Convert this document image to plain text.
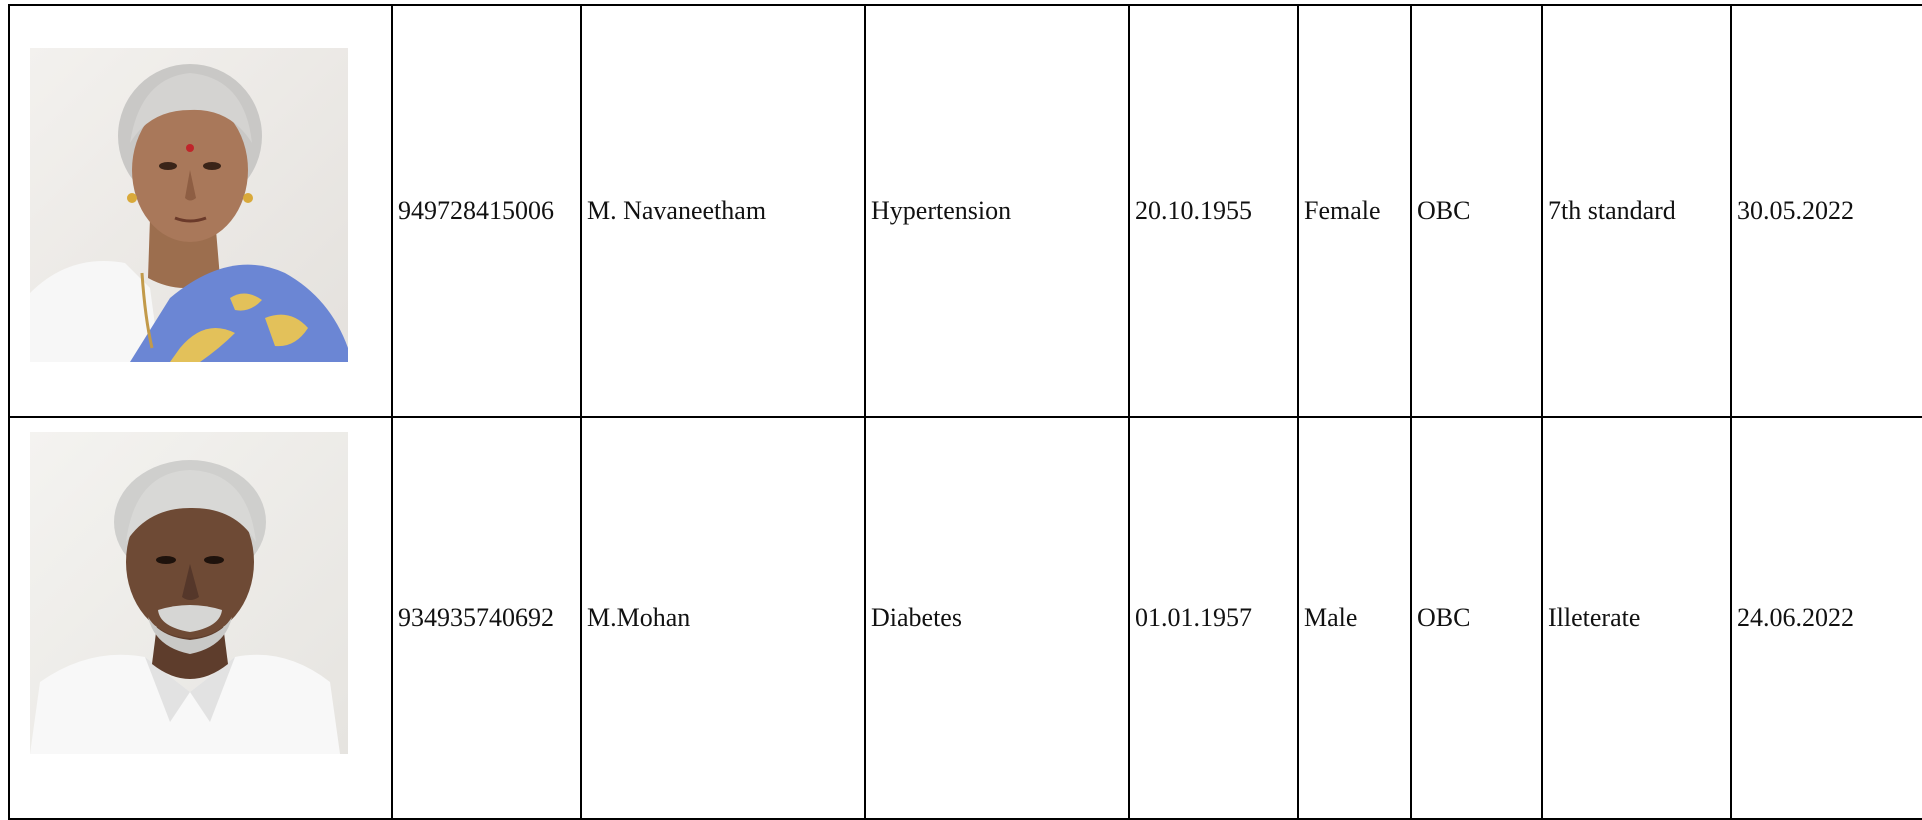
	949728415006	M. Navaneetham	Hypertension	20.10.1955	Female	OBC	7th standard	30.05.2022

	934935740692	M.Mohan	Diabetes	01.01.1957	Male	OBC	Illeterate	24.06.2022
